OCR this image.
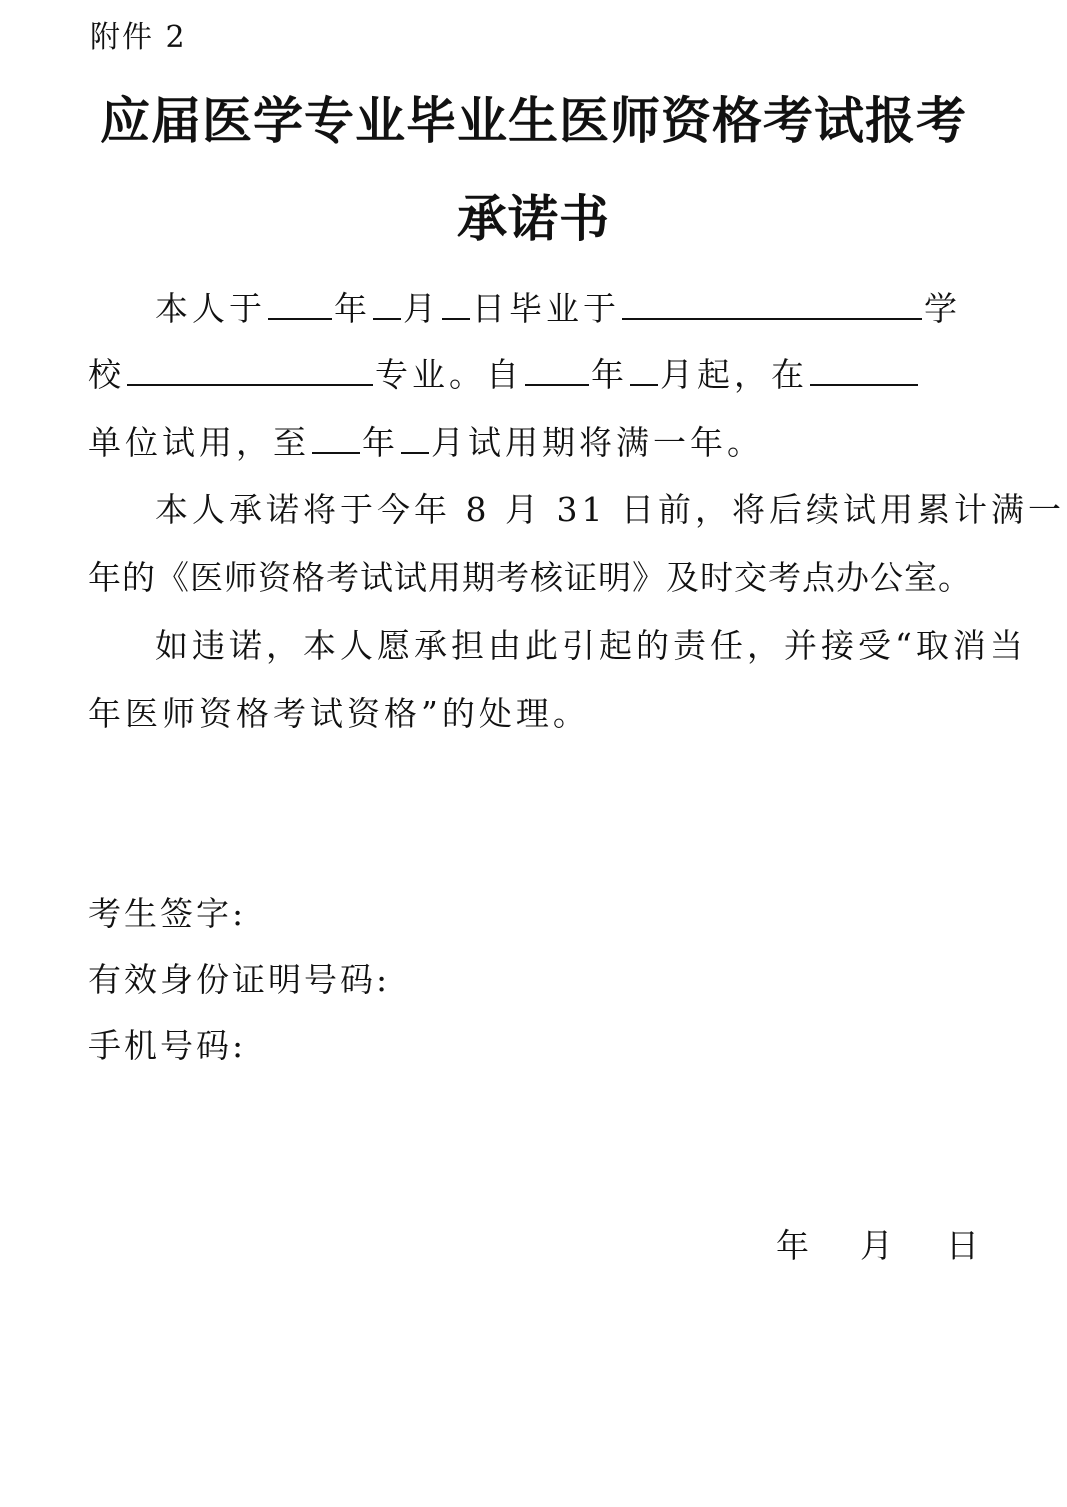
附件 2
应届医学专业毕业生医师资格考试报考
承诺书
本人于 年 月 日毕业于	学
校	专业。自 年 月起，在
单位试用，至 年 月试用期将满一年。
本人承诺将于今年 8 月 31 日前，将后续试用累计满一
年的《医师资格考试试用期考核证明》及时交考点办公室。
如违诺，本人愿承担由此引起的责任，并接受“取消当
年医师资格考试资格”的处理。
考生签字:
有效身份证明号码:
手机号码:
年 月 日
